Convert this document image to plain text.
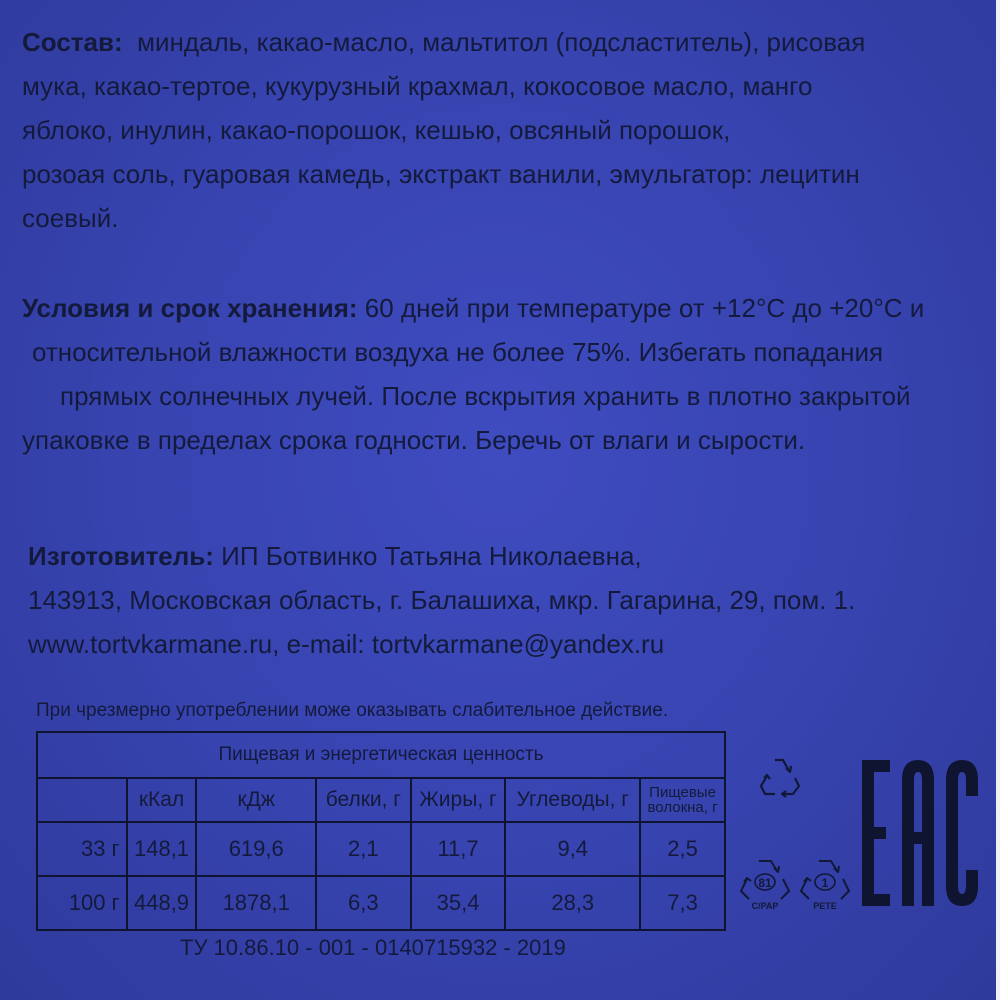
Состав: миндаль, какао-масло, мальтитол (подсластитель), рисовая
мука, какао-тертое, кукурузный крахмал, кокосовое масло, манго
яблоко, инулин, какао-порошок, кешью, овсяный порошок,
розоая соль, гуаровая камедь, экстракт ванили, эмульгатор: лецитин
соевый.
Условия и срок хранения: 60 дней при температуре от +12°С до +20°С и
относительной влажности воздуха не более 75%. Избегать попадания
прямых солнечных лучей. После вскрытия хранить в плотно закрытой
упаковке в пределах срока годности. Беречь от влаги и сырости.
Изготовитель: ИП Ботвинко Татьяна Николаевна,
143913, Московская область, г. Балашиха, мкр. Гагарина, 29, пом. 1.
www.tortvkarmane.ru, e-mail: tortvkarmane@yandex.ru
При чрезмерно употреблении може оказывать слабительное действие.
Пищевая и энергетическая ценность						
	кКал	кДж	белки, г	Жиры, г	Углеводы, г	Пищевые волокна, г
33 г	148,1	619,6	2,1	11,7	9,4	2,5
100 г	448,9	1878,1	6,3	35,4	28,3	7,3
ТУ 10.86.10 - 001 - 0140715932 - 2019
81
C/PAP
1
PETE
